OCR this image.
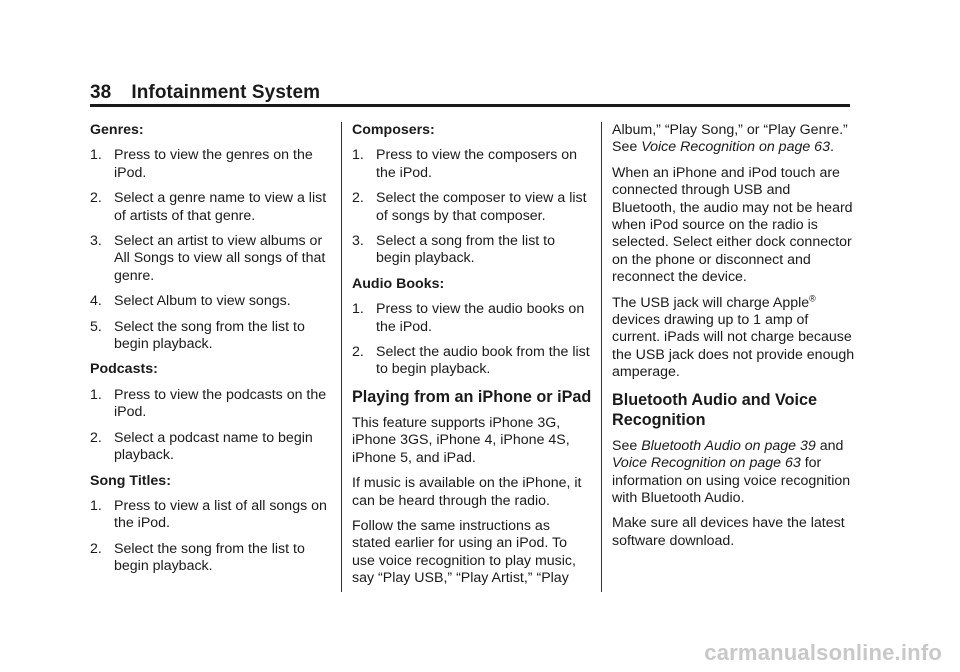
38 Infotainment System
Genres:
1. Press to view the genres on the iPod.
2. Select a genre name to view a list of artists of that genre.
3. Select an artist to view albums or All Songs to view all songs of that genre.
4. Select Album to view songs.
5. Select the song from the list to begin playback.
Podcasts:
1. Press to view the podcasts on the iPod.
2. Select a podcast name to begin playback.
Song Titles:
1. Press to view a list of all songs on the iPod.
2. Select the song from the list to begin playback.
Composers:
1. Press to view the composers on the iPod.
2. Select the composer to view a list of songs by that composer.
3. Select a song from the list to begin playback.
Audio Books:
1. Press to view the audio books on the iPod.
2. Select the audio book from the list to begin playback.
Playing from an iPhone or iPad

This feature supports iPhone 3G, iPhone 3GS, iPhone 4, iPhone 4S, iPhone 5, and iPad.

If music is available on the iPhone, it can be heard through the radio.

Follow the same instructions as stated earlier for using an iPod. To use voice recognition to play music, say “Play USB,” “Play Artist,” “Play

Album,” “Play Song,” or “Play Genre.” See Voice Recognition on page 63.

When an iPhone and iPod touch are connected through USB and Bluetooth, the audio may not be heard when iPod source on the radio is selected. Select either dock connector on the phone or disconnect and reconnect the device.

The USB jack will charge Apple® devices drawing up to 1 amp of current. iPads will not charge because the USB jack does not provide enough amperage.

Bluetooth Audio and Voice Recognition

See Bluetooth Audio on page 39 and Voice Recognition on page 63 for information on using voice recognition with Bluetooth Audio.

Make sure all devices have the latest software download.

carmanualsonline.info
